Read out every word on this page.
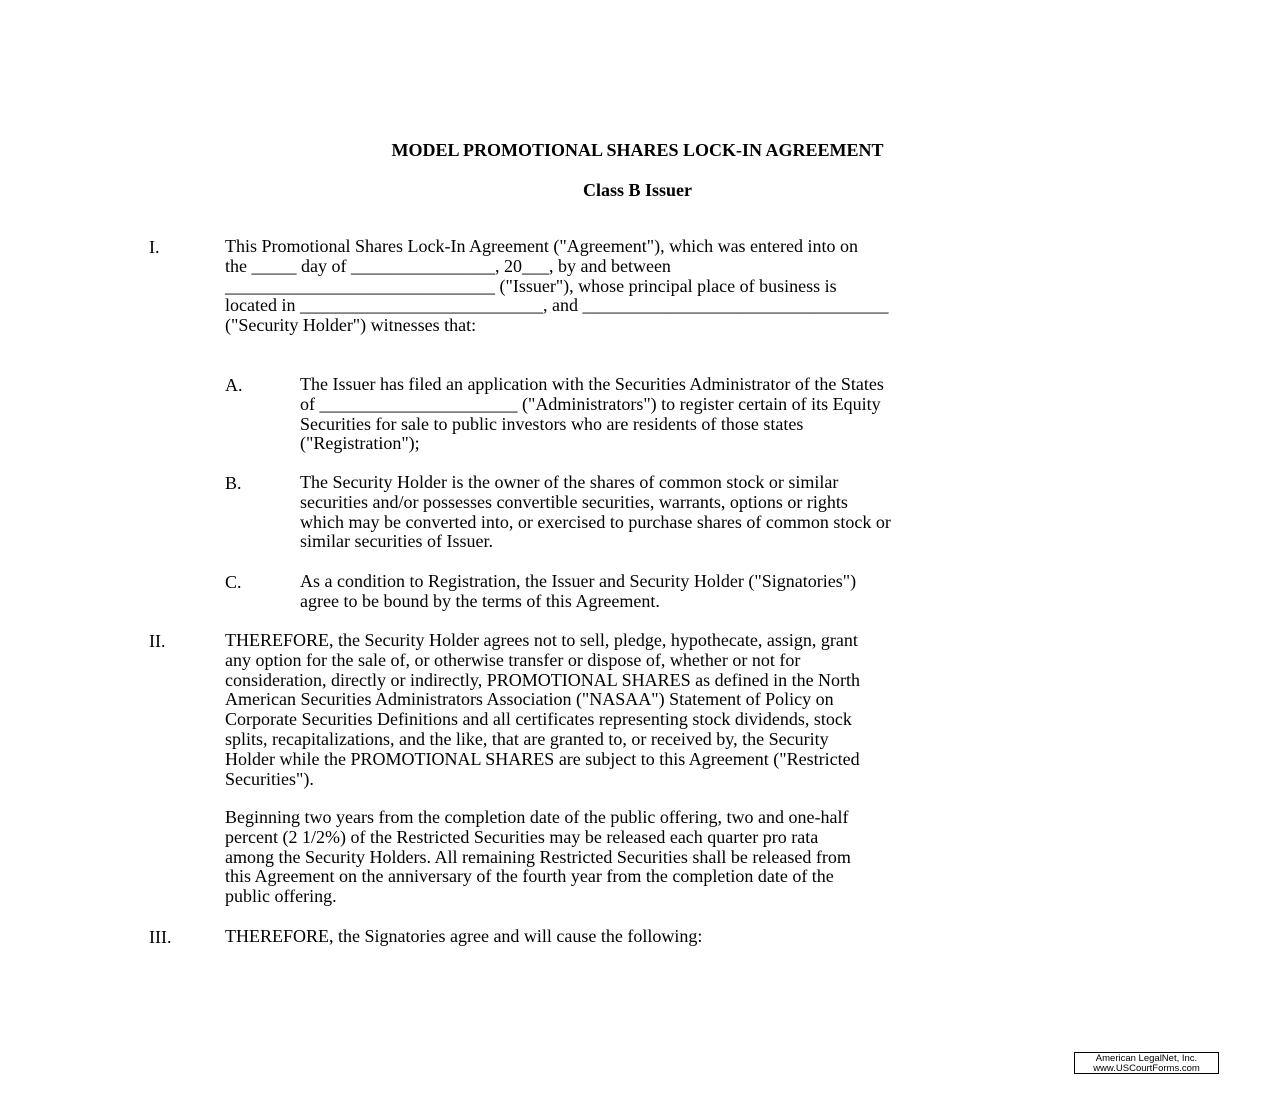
MODEL PROMOTIONAL SHARES LOCK-IN AGREEMENT
Class B Issuer
I.	This Promotional Shares Lock-In Agreement ("Agreement"), which was entered into on
the _____ day of ________________, 20___, by and between
______________________________ ("Issuer"), whose principal place of business is
located in ___________________________, and __________________________________
("Security Holder") witnesses that:
A.	The Issuer has filed an application with the Securities Administrator of the States
of ______________________ ("Administrators") to register certain of its Equity
Securities for sale to public investors who are residents of those states
("Registration");
B.	The Security Holder is the owner of the shares of common stock or similar
securities and/or possesses convertible securities, warrants, options or rights
which may be converted into, or exercised to purchase shares of common stock or
similar securities of Issuer.
C.	As a condition to Registration, the Issuer and Security Holder ("Signatories")
agree to be bound by the terms of this Agreement.
II.	THEREFORE, the Security Holder agrees not to sell, pledge, hypothecate, assign, grant
any option for the sale of, or otherwise transfer or dispose of, whether or not for
consideration, directly or indirectly, PROMOTIONAL SHARES as defined in the North
American Securities Administrators Association ("NASAA") Statement of Policy on
Corporate Securities Definitions and all certificates representing stock dividends, stock
splits, recapitalizations, and the like, that are granted to, or received by, the Security
Holder while the PROMOTIONAL SHARES are subject to this Agreement ("Restricted
Securities").
Beginning two years from the completion date of the public offering, two and one-half
percent (2 1/2%) of the Restricted Securities may be released each quarter pro rata
among the Security Holders. All remaining Restricted Securities shall be released from
this Agreement on the anniversary of the fourth year from the completion date of the
public offering.
III.	THEREFORE, the Signatories agree and will cause the following:
American LegalNet, Inc.
www.USCourtForms.com
